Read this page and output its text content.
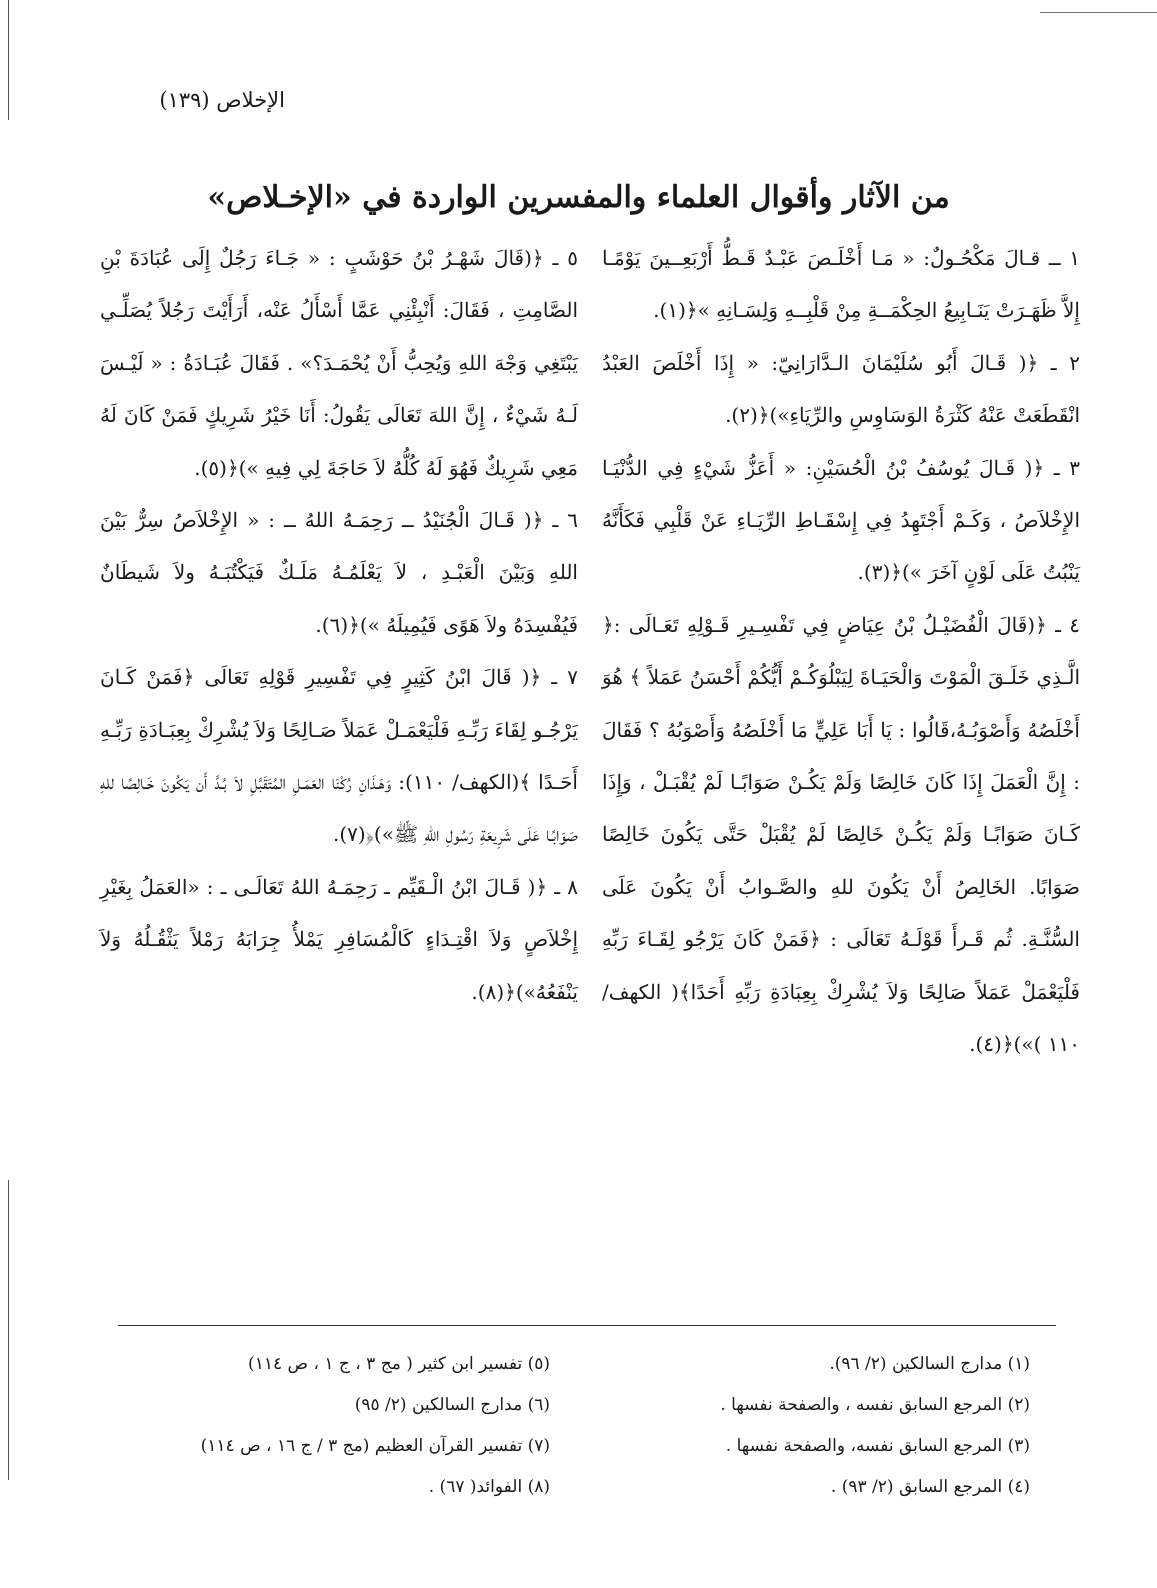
الإخلاص (١٣٩)
من الآثار وأقوال العلماء والمفسرين الواردة في «الإخـلاص»

١ ــ قـالَ مَكْحُـولٌ: « مَـا أَخْلَـصَ عَبْـدٌ قَـطُّ أَرْبَعِــينَ يَوْمًـا إِلاَّ ظَهَـرَتْ يَنَـابِيعُ الحِكْمَــةِ مِنْ قَلْبِــهِ وَلِسَـانِهِ »﴿(١).

٢ ـ ﴿( قَـالَ أَبُو سُلَيْمَانَ الـدَّارَانِيّ: « إِذَا أَخْلَصَ العَبْدُ انْقَطَعَتْ عَنْهُ كَثْرَةُ الوَسَاوِسِ والرِّيَاءِ»)﴿(٢).

٣ ـ ﴿( قَـالَ يُوسُفُ بْنُ الْحُسَيْنِ: « أَعَزُّ شَيْءٍ فِي الدُّنْيَـا الإِخْلاَصُ ، وَكَـمْ أَجْتَهِدُ فِي إِسْقَـاطِ الرِّيَـاءِ عَنْ قَلْبِي فَكَأَنَّهُ يَنْبُتُ عَلَى لَوْنٍ آخَرَ »)﴿(٣).

٤ ـ ﴿(قَالَ الْفُضَيْـلُ بْنُ عِيَاضٍ فِي تَفْسِـيرِ قَـوْلِهِ تَعَـالَى :﴿ الَّـذِي خَلَـقَ الْمَوْتَ وَالْحَيَـاةَ لِيَبْلُوَكُـمْ أَيُّكُمْ أَحْسَنُ عَمَلاً ﴾ هُوَ أَخْلَصُهُ وَأَصْوَبُـهُ،قَالُوا : يَا أَبَا عَلِيٍّ مَا أَخْلَصُهُ وَأَصْوَبُهُ ؟ فَقَالَ : إِنَّ الْعَمَلَ إِذَا كَانَ خَالِصًا وَلَمْ يَكُـنْ صَوَابًـا لَمْ يُقْبَـلْ ، وَإِذَا كَـانَ صَوَابًـا وَلَمْ يَكُـنْ خَالِصًا لَمْ يُقْبَلْ حَتَّى يَكُونَ خَالِصًا صَوَابًا. الخَالِصُ أَنْ يَكُونَ للهِ والصَّـوابُ أَنْ يَكُونَ عَلَى السُّنَّـةِ. ثُم قَـرأَ قَوْلَـهُ تَعَالَى : ﴿فَمَنْ كَانَ يَرْجُو لِقَـاءَ رَبِّهِ فَلْيَعْمَلْ عَمَلاً صَالِحًا وَلاَ يُشْرِكْ بِعِبَادَةِ رَبِّهِ أَحَدًا﴾( الكهف/ ١١٠ )»)﴿(٤).

٥ ـ ﴿(قَالَ شَهْـرُ بْنُ حَوْشَبٍ : « جَـاءَ رَجُلٌ إِلَى عُبَادَةَ بْنِ الصَّامِتِ ، فَقَالَ: أَنْبِئْنِي عَمَّا أَسْأَلُ عَنْه، أَرَأَيْتَ رَجُلاً يُصَلِّـي يَبْتَغِي وَجْهَ اللهِ وَيُحِبُّ أَنْ يُحْمَـدَ؟» . فَقَالَ عُبَـادَةُ : « لَيْـسَ لَـهُ شَيْءٌ ، إِنَّ اللهَ تَعَالَى يَقُولُ: أَنَا خَيْرُ شَرِيكٍ فَمَنْ كَانَ لَهُ مَعِي شَرِيكٌ فَهُوَ لَهُ كُلُّهُ لاَ حَاجَةَ لِي فِيهِ »)﴿(٥).

٦ ـ ﴿( قَـالَ الْجُنَيْدُ ــ رَحِمَـهُ اللهُ ــ : « الإِخْلاَصُ سِرٌّ بَيْنَ اللهِ وَبَيْنَ الْعَبْـدِ ، لاَ يَعْلَمُـهُ مَلَـكٌ فَيَكْتُبَـهُ ولاَ شَيطَانٌ فَيُفْسِدَهُ ولاَ هَوًى فَيُمِيلَهُ »)﴿(٦).

٧ ـ ﴿( قَالَ ابْنُ كَثِيرٍ فِي تَفْسِيرِ قَوْلِهِ تَعَالَى ﴿فَمَنْ كَـانَ يَرْجُـو لِقَاءَ رَبِّـهِ فَلْيَعْمَـلْ عَمَلاً صَـالِحًا وَلاَ يُشْرِكْ بِعِبَـادَةِ رَبِّـهِ أَحَـدًا ﴾(الكهف/ ١١٠): وَهَـذَانِ رُكْنَا العَمَـلِ المُتَقَبَّلِ لاَ بُـدَّ أَن يَكُونَ خَـالِصًا للهِ صَوَابًـا عَلَى شَرِيعَةِ رَسُولِ اللهِ ﷺ»)﴿(٧).

٨ ـ ﴿( قَـالَ ابْنُ الْـقَيِّم ـ رَحِمَـهُ اللهُ تَعَالَـى ـ : «العَمَلُ بِغَيْرِ إِخْلاَصٍ وَلاَ اقْتِـدَاءٍ كَالْمُسَافِرِ يَمْلأُ جِرَابَهُ رَمْلاً يَثْقُـلُهُ وَلاَ يَنْفَعُهُ»)﴿(٨).

(١) مدارج السالكين (٢/ ٩٦).
(٢) المرجع السابق نفسه ، والصفحة نفسها .
(٣) المرجع السابق نفسه، والصفحة نفسها .
(٤) المرجع السابق (٢/ ٩٣) .
(٥) تفسير ابن كثير ( مج ٣ ، ج ١ ، ص ١١٤)
(٦) مدارج السالكين (٢/ ٩٥)
(٧) تفسير القرآن العظيم (مج ٣ / ج ١٦ ، ص ١١٤)
(٨) الفوائد( ٦٧) .
